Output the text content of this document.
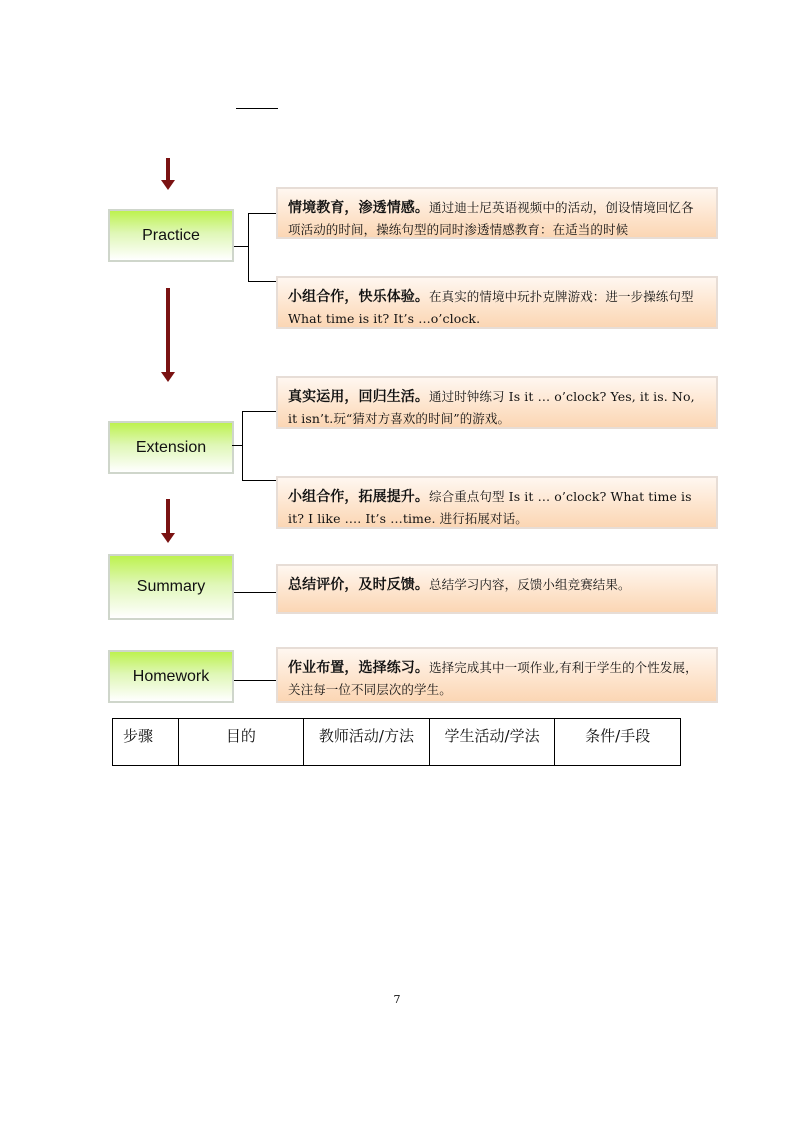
Practice
情境教育，渗透情感。通过迪士尼英语视频中的活动，创设情境回忆各项活动的时间，操练句型的同时渗透情感教育：在适当的时候
小组合作，快乐体验。在真实的情境中玩扑克牌游戏：进一步操练句型 What time is it? It’s …o’clock.
真实运用，回归生活。通过时钟练习 Is it … o’clock? Yes, it is. No, it isn’t.玩“猜对方喜欢的时间”的游戏。
Extension
小组合作，拓展提升。综合重点句型 Is it … o’clock? What time is it? I like …. It’s …time. 进行拓展对话。
Summary	总结评价，及时反馈。总结学习内容，反馈小组竞赛结果。
Homework	作业布置，选择练习。选择完成其中一项作业,有利于学生的个性发展，关注每一位不同层次的学生。
步骤	目的	教师活动/方法	学生活动/学法	条件/手段
7
